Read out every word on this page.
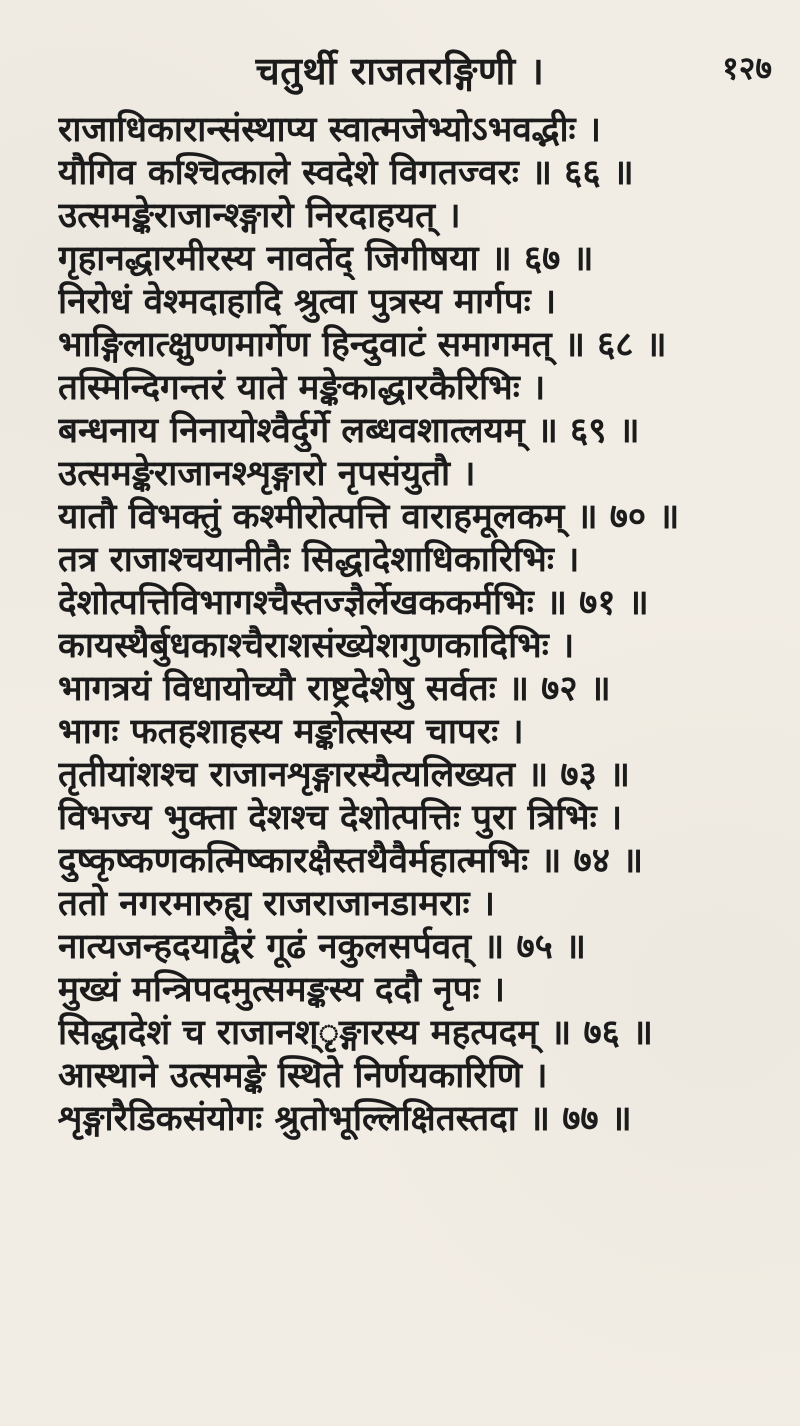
चतुर्थी राजतरङ्गिणी ।	१२७
राजाधिकारान्संस्थाप्य स्वात्मजेभ्योऽभवद्भीः ।
यौगिव कश्चित्काले स्वदेशे विगतज्वरः ॥ ६६ ॥
उत्समङ्केराजान्श्ङ्गारो निरदाहयत् ।
गृहानद्धारमीरस्य नावर्तेद् जिगीषया ॥ ६७ ॥
निरोधं वेश्मदाहादि श्रुत्वा पुत्रस्य मार्गपः ।
भाङ्गिलात्क्षुण्णमार्गेण हिन्दुवाटं समागमत् ॥ ६८ ॥
तस्मिन्दिगन्तरं याते मङ्केकाद्धारकैरिभिः ।
बन्धनाय निनायोश्वैर्दुर्गे लब्धवशात्लयम् ॥ ६९ ॥
उत्समङ्केराजानश्शृङ्गारो नृपसंयुतौ ।
यातौ विभक्तुं कश्मीरोत्पत्ति वाराहमूलकम् ॥ ७० ॥
तत्र राजाश्चयानीतैः सिद्धादेशाधिकारिभिः ।
देशोत्पत्तिविभागश्चैस्तज्ज्ञैर्लेखककर्मभिः ॥ ७१ ॥
कायस्थैर्बुधकाश्चैराशसंख्येशगुणकादिभिः ।
भागत्रयं विधायोच्यौ राष्ट्रदेशेषु सर्वतः ॥ ७२ ॥
भागः फतहशाहस्य मङ्कोत्सस्य चापरः ।
तृतीयांशश्च राजानशृङ्गारस्यैत्यलिख्यत ॥ ७३ ॥
विभज्य भुक्ता देशश्च देशोत्पत्तिः पुरा त्रिभिः ।
दुष्कृष्कणकत्मिष्कारक्षैस्तथैवैर्महात्मभिः ॥ ७४ ॥
ततो नगरमारुह्य राजराजानडामराः ।
नात्यजन्हदयाद्वैरं गूढं नकुलसर्पवत् ॥ ७५ ॥
मुख्यं मन्त्रिपदमुत्समङ्कस्य ददौ नृपः ।
सिद्धादेशं च राजानश्ृङ्गारस्य महत्पदम् ॥ ७६ ॥
आस्थाने उत्समङ्के स्थिते निर्णयकारिणि ।
शृङ्गारैडिकसंयोगः श्रुतोभूल्लिक्षितस्तदा ॥ ७७ ॥
